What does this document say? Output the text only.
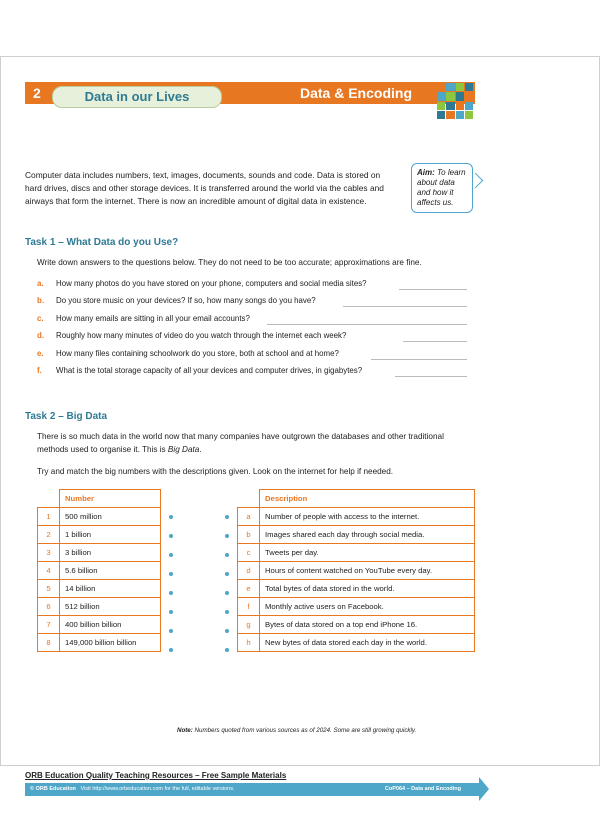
2	Data in our Lives	Data & Encoding
Computer data includes numbers, text, images, documents, sounds and code. Data is stored on hard drives, discs and other storage devices. It is transferred around the world via the cables and airways that form the internet. There is now an incredible amount of digital data in existence.
Aim: To learn about data and how it affects us.
Task 1 – What Data do you Use?
Write down answers to the questions below. They do not need to be too accurate; approximations are fine.
a. How many photos do you have stored on your phone, computers and social media sites?
b. Do you store music on your devices? If so, how many songs do you have?
c. How many emails are sitting in all your email accounts?
d. Roughly how many minutes of video do you watch through the internet each week?
e. How many files containing schoolwork do you store, both at school and at home?
f. What is the total storage capacity of all your devices and computer drives, in gigabytes?
Task 2 – Big Data
There is so much data in the world now that many companies have outgrown the databases and other traditional methods used to organise it. This is Big Data.
Try and match the big numbers with the descriptions given. Look on the internet for help if needed.
	Number
1	500 million
2	1 billion
3	3 billion
4	5.6 billion
5	14 billion
6	512 billion
7	400 billion billion
8	149,000 billion billion
	Description
a	Number of people with access to the internet.
b	Images shared each day through social media.
c	Tweets per day.
d	Hours of content watched on YouTube every day.
e	Total bytes of data stored in the world.
f	Monthly active users on Facebook.
g	Bytes of data stored on a top end iPhone 16.
h	New bytes of data stored each day in the world.
Note: Numbers quoted from various sources as of 2024. Some are still growing quickly.
ORB Education Quality Teaching Resources – Free Sample Materials
© ORB Education Visit http://www.orbeducation.com for the full, editable versions.	CoP064 – Data and Encoding
